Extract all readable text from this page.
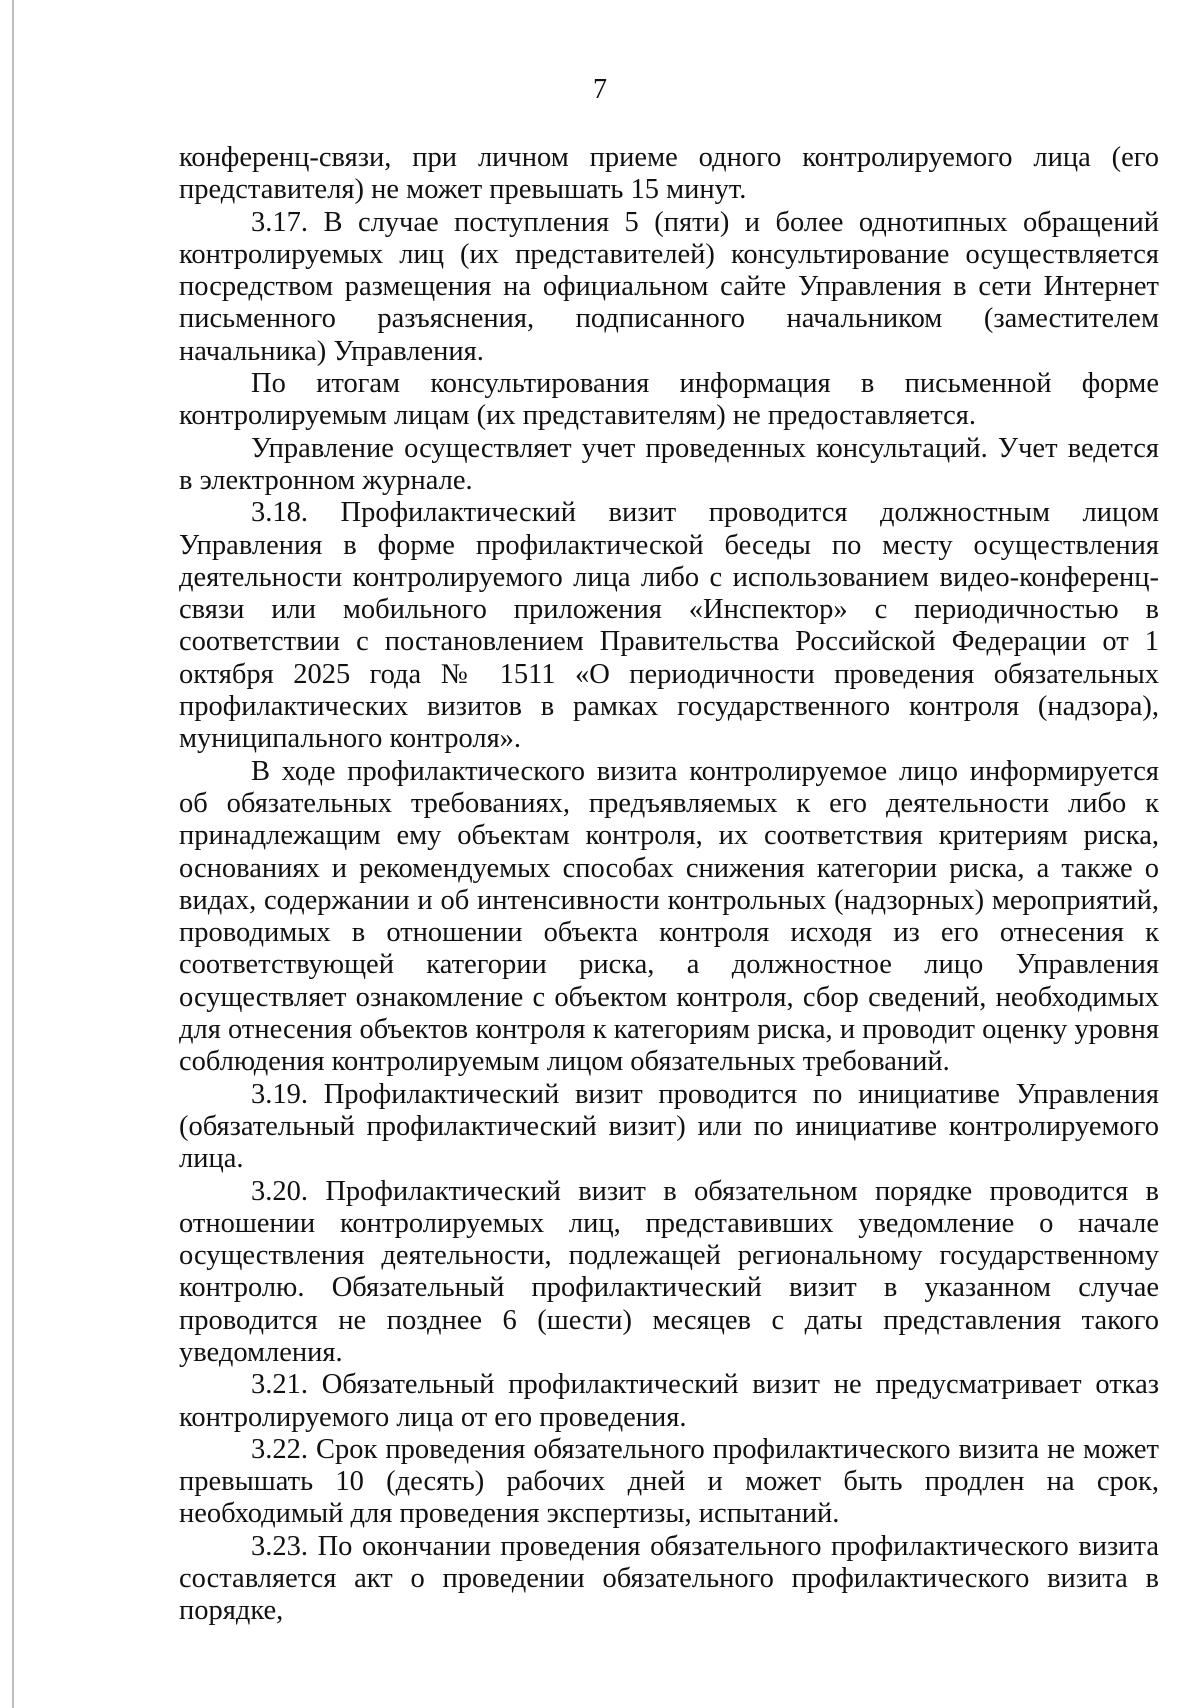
7

конференц-связи, при личном приеме одного контролируемого лица (его представителя) не может превышать 15 минут.

3.17. В случае поступления 5 (пяти) и более однотипных обращений контролируемых лиц (их представителей) консультирование осуществляется посредством размещения на официальном сайте Управления в сети Интернет письменного разъяснения, подписанного начальником (заместителем начальника) Управления.

По итогам консультирования информация в письменной форме контролируемым лицам (их представителям) не предоставляется.

Управление осуществляет учет проведенных консультаций. Учет ведется в электронном журнале.

3.18. Профилактический визит проводится должностным лицом Управления в форме профилактической беседы по месту осуществления деятельности контролируемого лица либо с использованием видео-конференц-связи или мобильного приложения «Инспектор» с периодичностью в соответствии с постановлением Правительства Российской Федерации от 1 октября 2025 года № 1511 «О периодичности проведения обязательных профилактических визитов в рамках государственного контроля (надзора), муниципального контроля».

В ходе профилактического визита контролируемое лицо информируется об обязательных требованиях, предъявляемых к его деятельности либо к принадлежащим ему объектам контроля, их соответствия критериям риска, основаниях и рекомендуемых способах снижения категории риска, а также о видах, содержании и об интенсивности контрольных (надзорных) мероприятий, проводимых в отношении объекта контроля исходя из его отнесения к соответствующей категории риска, а должностное лицо Управления осуществляет ознакомление с объектом контроля, сбор сведений, необходимых для отнесения объектов контроля к категориям риска, и проводит оценку уровня соблюдения контролируемым лицом обязательных требований.

3.19. Профилактический визит проводится по инициативе Управления (обязательный профилактический визит) или по инициативе контролируемого лица.

3.20. Профилактический визит в обязательном порядке проводится в отношении контролируемых лиц, представивших уведомление о начале осуществления деятельности, подлежащей региональному государственному контролю. Обязательный профилактический визит в указанном случае проводится не позднее 6 (шести) месяцев с даты представления такого уведомления.

3.21. Обязательный профилактический визит не предусматривает отказ контролируемого лица от его проведения.

3.22. Срок проведения обязательного профилактического визита не может превышать 10 (десять) рабочих дней и может быть продлен на срок, необходимый для проведения экспертизы, испытаний.

3.23. По окончании проведения обязательного профилактического визита составляется акт о проведении обязательного профилактического визита в порядке,
